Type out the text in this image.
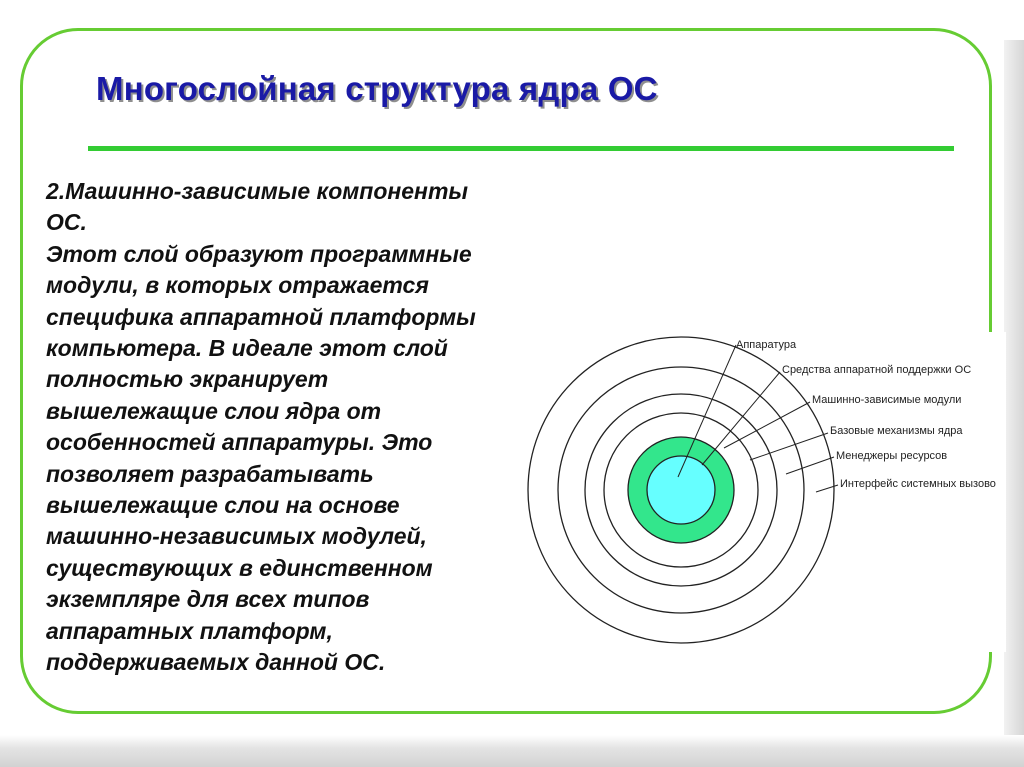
Многослойная структура ядра ОС
2.Машинно-зависимые компоненты
ОС.
Этот слой образуют программные
модули, в которых отражается
специфика аппаратной платформы
компьютера. В идеале этот слой
полностью экранирует
вышележащие слои ядра от
особенностей аппаратуры. Это
позволяет разрабатывать
вышележащие слои на основе
машинно-независимых модулей,
существующих в единственном
экземпляре для всех типов
аппаратных платформ,
поддерживаемых данной ОС.
Аппаратура
Средства аппаратной поддержки ОС
Машинно-зависимые модули
Базовые механизмы ядра
Менеджеры ресурсов
Интерфейс системных вызово
